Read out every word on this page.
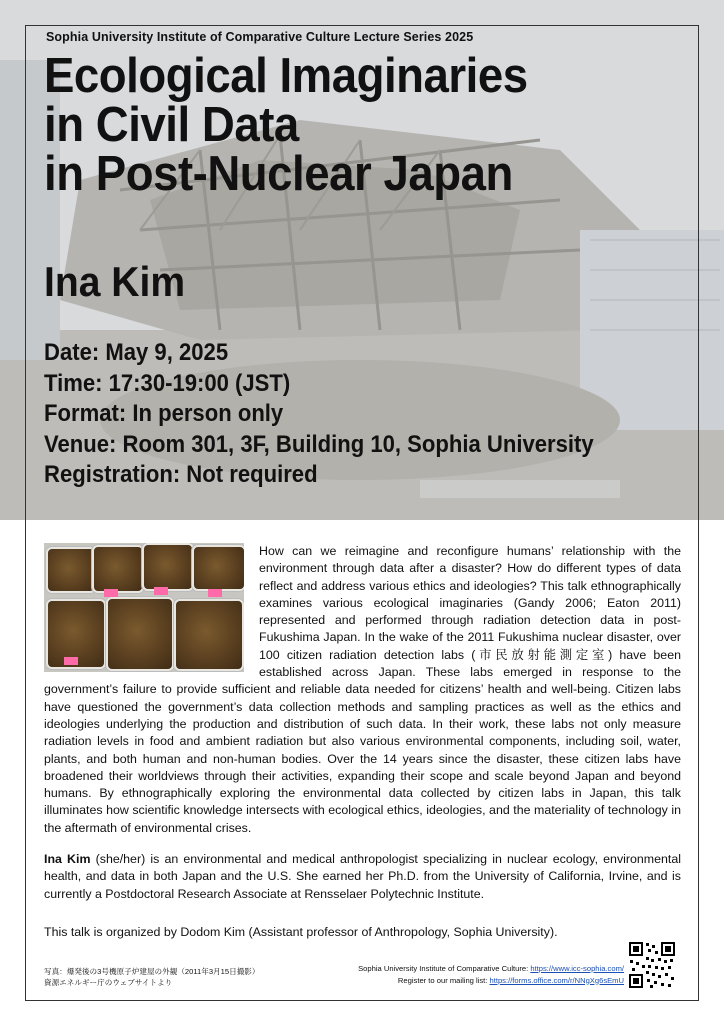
Sophia University Institute of Comparative Culture Lecture Series 2025
Ecological Imaginaries
in Civil Data
in Post-Nuclear Japan
Ina Kim
Date: May 9, 2025
Time: 17:30-19:00 (JST)
Format: In person only
Venue: Room 301, 3F, Building 10, Sophia University
Registration: Not required
How can we reimagine and reconfigure humans’ relationship with the environment through data after a disaster? How do different types of data reflect and address various ethics and ideologies? This talk ethnographically examines various ecological imaginaries (Gandy 2006; Eaton 2011) represented and performed through radiation detection data in post-Fukushima Japan. In the wake of the 2011 Fukushima nuclear disaster, over 100 citizen radiation detection labs (市民放射能測定室) have been established across Japan. These labs emerged in response to the government’s failure to provide sufficient and reliable data needed for citizens’ health and well-being. Citizen labs have questioned the government’s data collection methods and sampling practices as well as the ethics and ideologies underlying the production and distribution of such data. In their work, these labs not only measure radiation levels in food and ambient radiation but also various environmental components, including soil, water, plants, and both human and non-human bodies. Over the 14 years since the disaster, these citizen labs have broadened their worldviews through their activities, expanding their scope and scale beyond Japan and beyond humans. By ethnographically exploring the environmental data collected by citizen labs in Japan, this talk illuminates how scientific knowledge intersects with ecological ethics, ideologies, and the materiality of technology in the aftermath of environmental crises.

Ina Kim (she/her) is an environmental and medical anthropologist specializing in nuclear ecology, environmental health, and data in both Japan and the U.S. She earned her Ph.D. from the University of California, Irvine, and is currently a Postdoctoral Research Associate at Rensselaer Polytechnic Institute.

This talk is organized by Dodom Kim (Assistant professor of Anthropology, Sophia University).
写真：爆発後の3号機原子炉建屋の外観（2011年3月15日撮影）
資源エネルギー庁のウェブサイトより
Sophia University Institute of Comparative Culture: https://www.icc-sophia.com/
Register to our mailing list: https://forms.office.com/r/NNgXg6sEmU
